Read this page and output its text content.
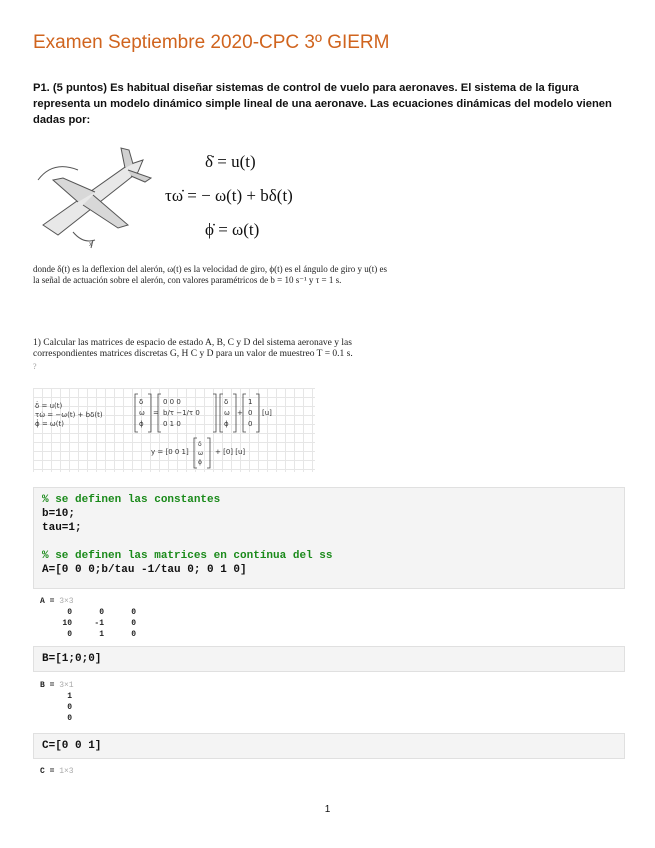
Examen Septiembre 2020-CPC 3º GIERM
P1. (5 puntos) Es habitual diseñar sistemas de control de vuelo para aeronaves. El sistema de la figura representa un modelo dinámico simple lineal de una aeronave. Las ecuaciones dinámicas del modelo vienen dadas por:
x
δ̇ = u(t)
τω̇ = − ω(t) + bδ(t)
ϕ̇ = ω(t)
donde δ(t) es la deflexion del alerón, ω(t) es la velocidad de giro, ϕ(t) es el ángulo de giro y u(t) es la señal de actuación sobre el alerón, con valores paramétricos de b = 10 s⁻¹ y τ = 1 s.
1) Calcular las matrices de espacio de estado A, B, C y D del sistema aeronave y las correspondientes matrices discretas G, H C y D para un valor de muestreo T = 0.1 s.
?
δ̇ = u(t)
τω̇ = −ω(t) + bδ(t)
ϕ̇ = ω(t)
δ
ω
ϕ
=
0 0 0
b/τ −1/τ 0
0 1 0
δ
ω
ϕ
+
1
0
0
[u]
y = [0 0 1]	+ [0] [u]
δ
ω
ϕ
% se definen las constantes
b=10;
tau=1;
% se definen las matrices en contínua del ss
A=[0 0 0;b/tau -1/tau 0; 0 1 0]
A = 3×3
0	0	0
10	-1	0
0	1	0
B=[1;0;0]
B = 3×1
1
0
0
C=[0 0 1]
C = 1×3
1
